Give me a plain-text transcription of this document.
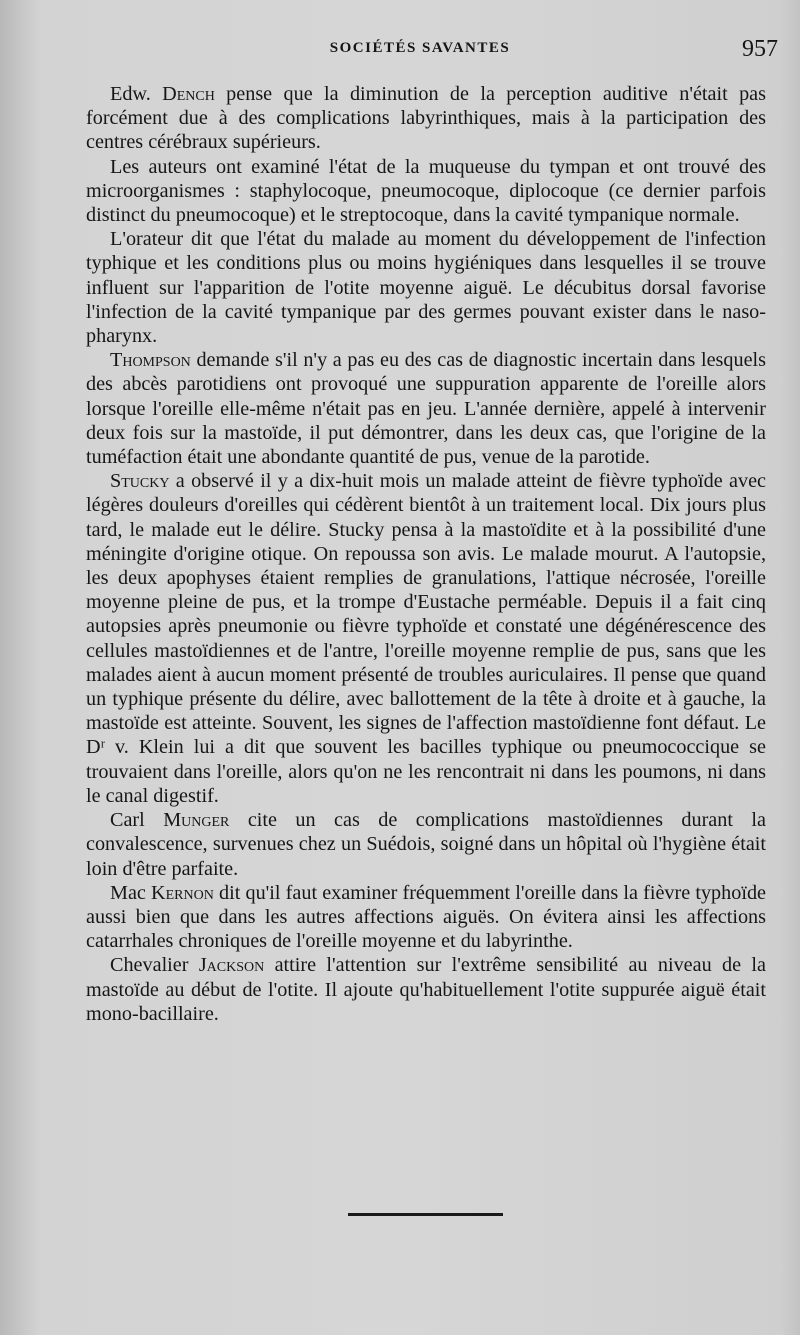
SOCIÉTÉS SAVANTES	957

Edw. Dench pense que la diminution de la perception auditive n'était pas forcément due à des complications labyrinthiques, mais à la participation des centres cérébraux supérieurs.

Les auteurs ont examiné l'état de la muqueuse du tympan et ont trouvé des microorganismes : staphylocoque, pneumocoque, diplocoque (ce dernier parfois distinct du pneumocoque) et le streptocoque, dans la cavité tympanique normale.

L'orateur dit que l'état du malade au moment du développement de l'infection typhique et les conditions plus ou moins hygiéniques dans lesquelles il se trouve influent sur l'apparition de l'otite moyenne aiguë. Le décubitus dorsal favorise l'infection de la cavité tympanique par des germes pouvant exister dans le naso-pharynx.

Thompson demande s'il n'y a pas eu des cas de diagnostic incertain dans lesquels des abcès parotidiens ont provoqué une suppuration apparente de l'oreille alors lorsque l'oreille elle-même n'était pas en jeu. L'année dernière, appelé à intervenir deux fois sur la mastoïde, il put démontrer, dans les deux cas, que l'origine de la tuméfaction était une abondante quantité de pus, venue de la parotide.

Stucky a observé il y a dix-huit mois un malade atteint de fièvre typhoïde avec légères douleurs d'oreilles qui cédèrent bientôt à un traitement local. Dix jours plus tard, le malade eut le délire. Stucky pensa à la mastoïdite et à la possibilité d'une méningite d'origine otique. On repoussa son avis. Le malade mourut. A l'autopsie, les deux apophyses étaient remplies de granulations, l'attique nécrosée, l'oreille moyenne pleine de pus, et la trompe d'Eustache perméable. Depuis il a fait cinq autopsies après pneumonie ou fièvre typhoïde et constaté une dégénérescence des cellules mastoïdiennes et de l'antre, l'oreille moyenne remplie de pus, sans que les malades aient à aucun moment présenté de troubles auriculaires. Il pense que quand un typhique présente du délire, avec ballottement de la tête à droite et à gauche, la mastoïde est atteinte. Souvent, les signes de l'affection mastoïdienne font défaut. Le Dʳ v. Klein lui a dit que souvent les bacilles typhique ou pneumococcique se trouvaient dans l'oreille, alors qu'on ne les rencontrait ni dans les poumons, ni dans le canal digestif.

Carl Munger cite un cas de complications mastoïdiennes durant la convalescence, survenues chez un Suédois, soigné dans un hôpital où l'hygiène était loin d'être parfaite.

Mac Kernon dit qu'il faut examiner fréquemment l'oreille dans la fièvre typhoïde aussi bien que dans les autres affections aiguës. On évitera ainsi les affections catarrhales chroniques de l'oreille moyenne et du labyrinthe.

Chevalier Jackson attire l'attention sur l'extrême sensibilité au niveau de la mastoïde au début de l'otite. Il ajoute qu'habituellement l'otite suppurée aiguë était mono-bacillaire.
